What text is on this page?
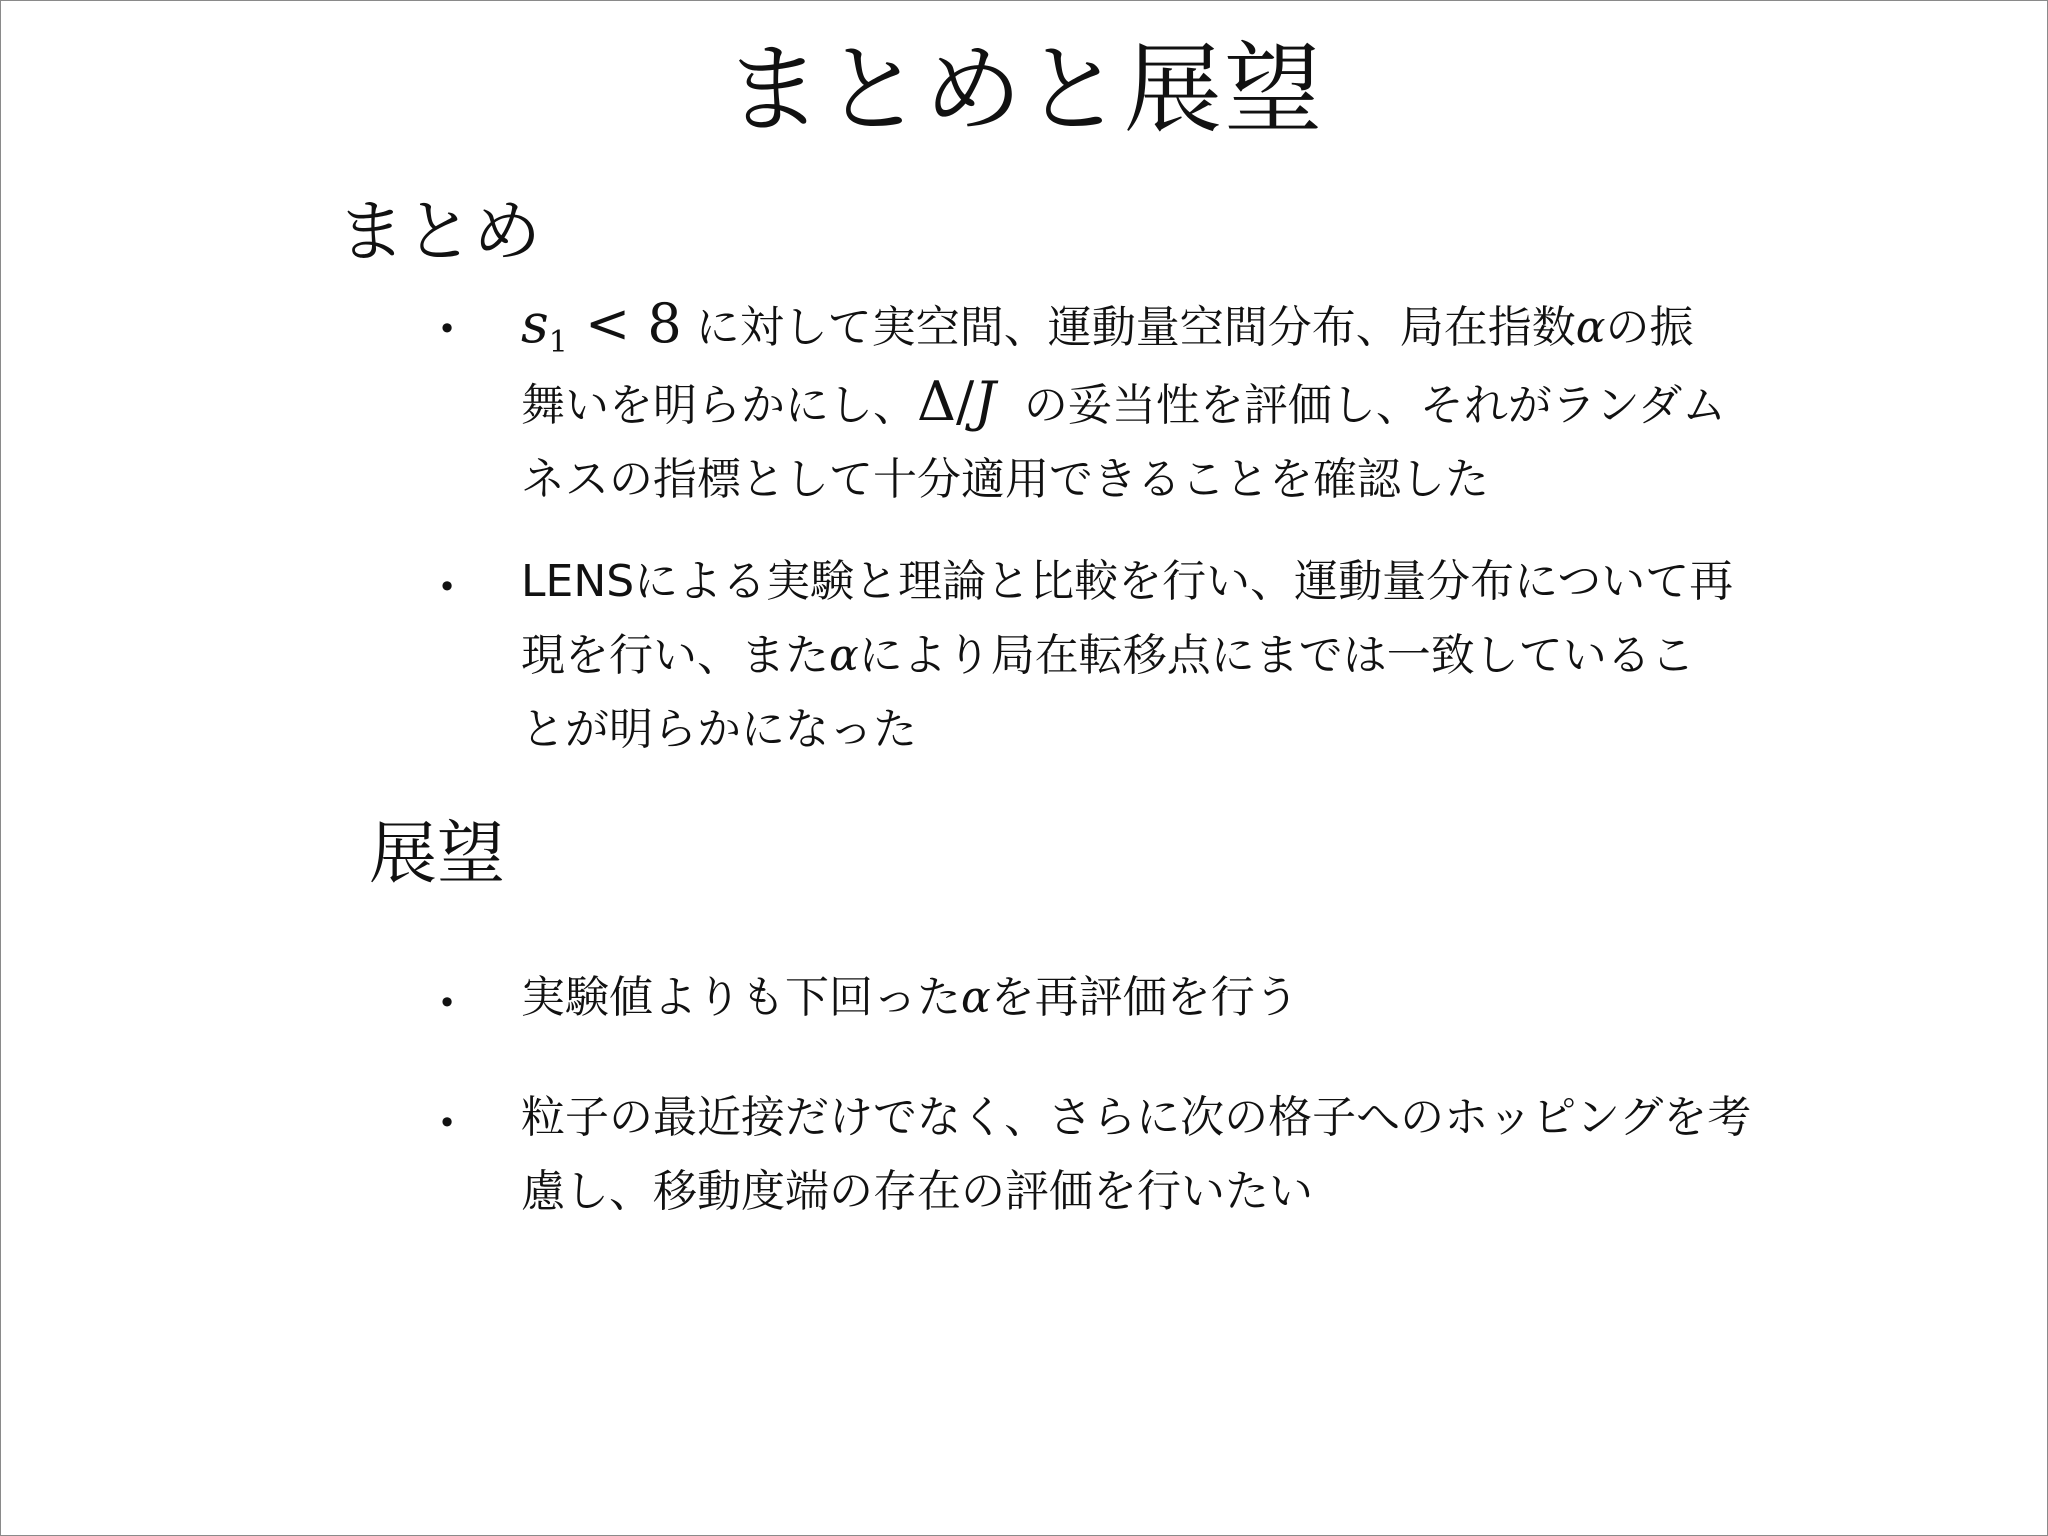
まとめと展望
まとめ
• $s_1 < 8$ に対して実空間、運動量空間分布、局在指数αの振
舞いを明らかにし、Δ/J  の妥当性を評価し、それがランダム
ネスの指標として十分適用できることを確認した
• LENSによる実験と理論と比較を行い、運動量分布について再
現を行い、またαにより局在転移点にまでは一致しているこ
とが明らかになった
展望
• 実験値よりも下回ったαを再評価を行う
• 粒子の最近接だけでなく、さらに次の格子へのホッピングを考
慮し、移動度端の存在の評価を行いたい
